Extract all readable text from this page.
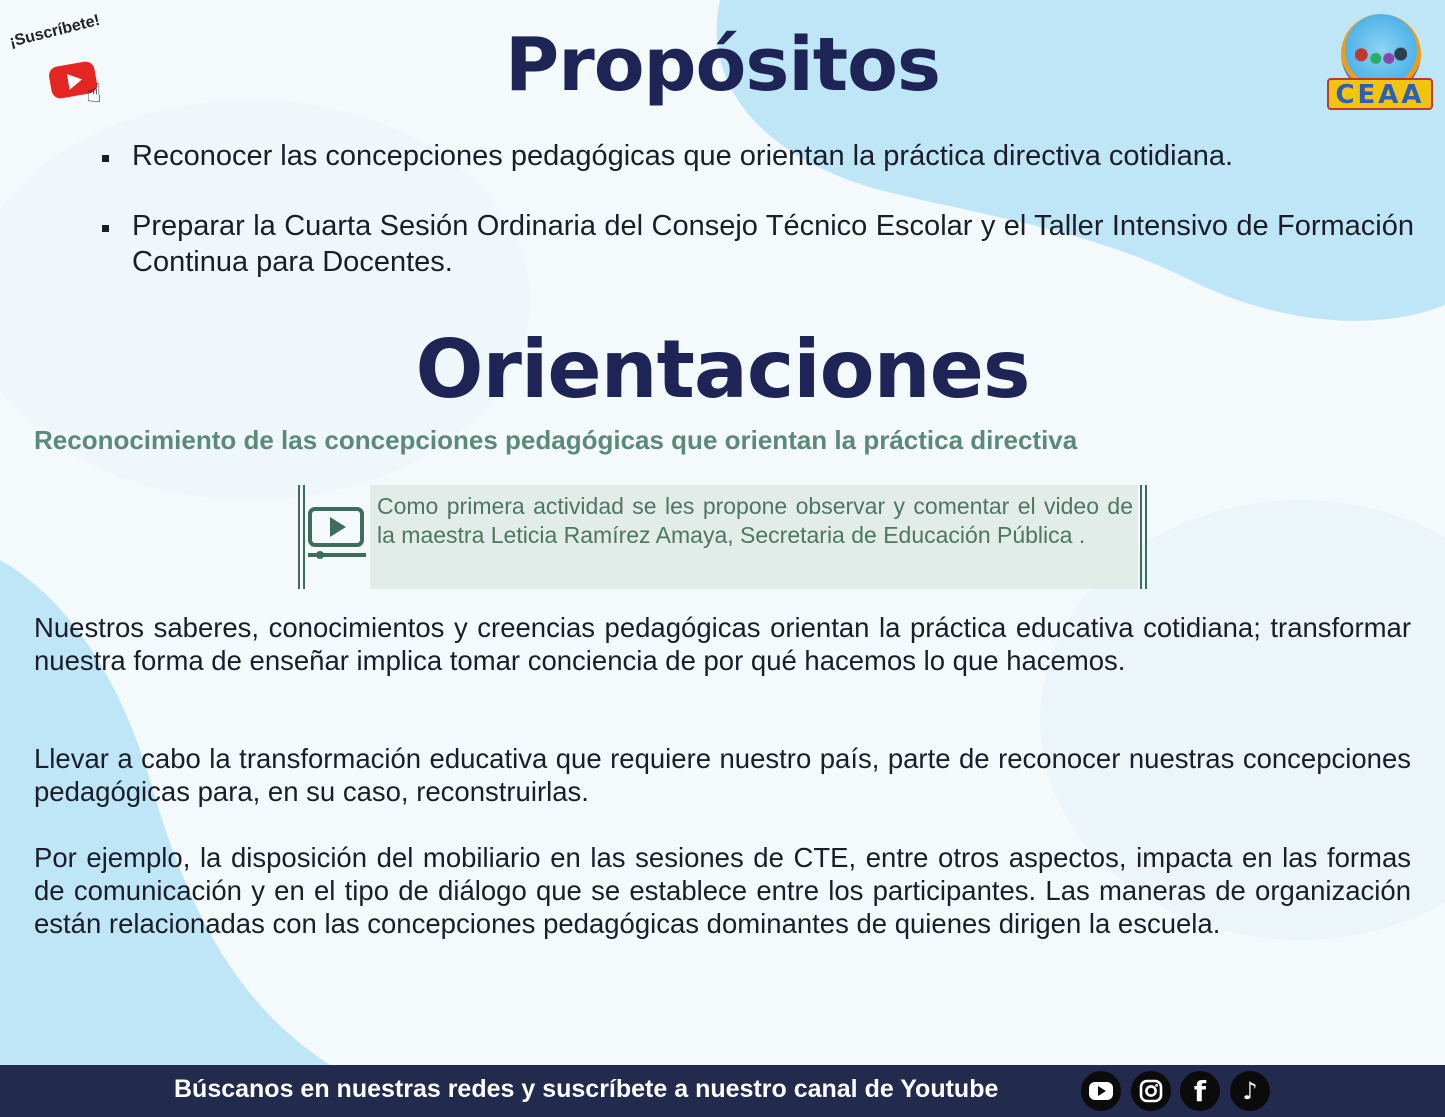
¡Suscríbete!
☝	CEAA
Propósitos
Reconocer las concepciones pedagógicas que orientan la práctica directiva cotidiana.
Preparar la Cuarta Sesión Ordinaria del Consejo Técnico Escolar y el Taller Intensivo de Formación Continua para Docentes.
Orientaciones
Reconocimiento de las concepciones pedagógicas que orientan la práctica directiva
Como primera actividad se les propone observar y comentar el video de la maestra Leticia Ramírez Amaya, Secretaria de Educación Pública .
Nuestros saberes, conocimientos y creencias pedagógicas orientan la práctica educativa cotidiana; transformar nuestra forma de enseñar implica tomar conciencia de por qué hacemos lo que hacemos.
Llevar a cabo la transformación educativa que requiere nuestro país, parte de reconocer nuestras concepciones pedagógicas para, en su caso, reconstruirlas.
Por ejemplo, la disposición del mobiliario en las sesiones de CTE, entre otros aspectos, impacta en las formas de comunicación y en el tipo de diálogo que se establece entre los participantes. Las maneras de organización están relacionadas con las concepciones pedagógicas dominantes de quienes dirigen la escuela.
Búscanos en nuestras redes y suscríbete a nuestro canal de Youtube	f	♪
